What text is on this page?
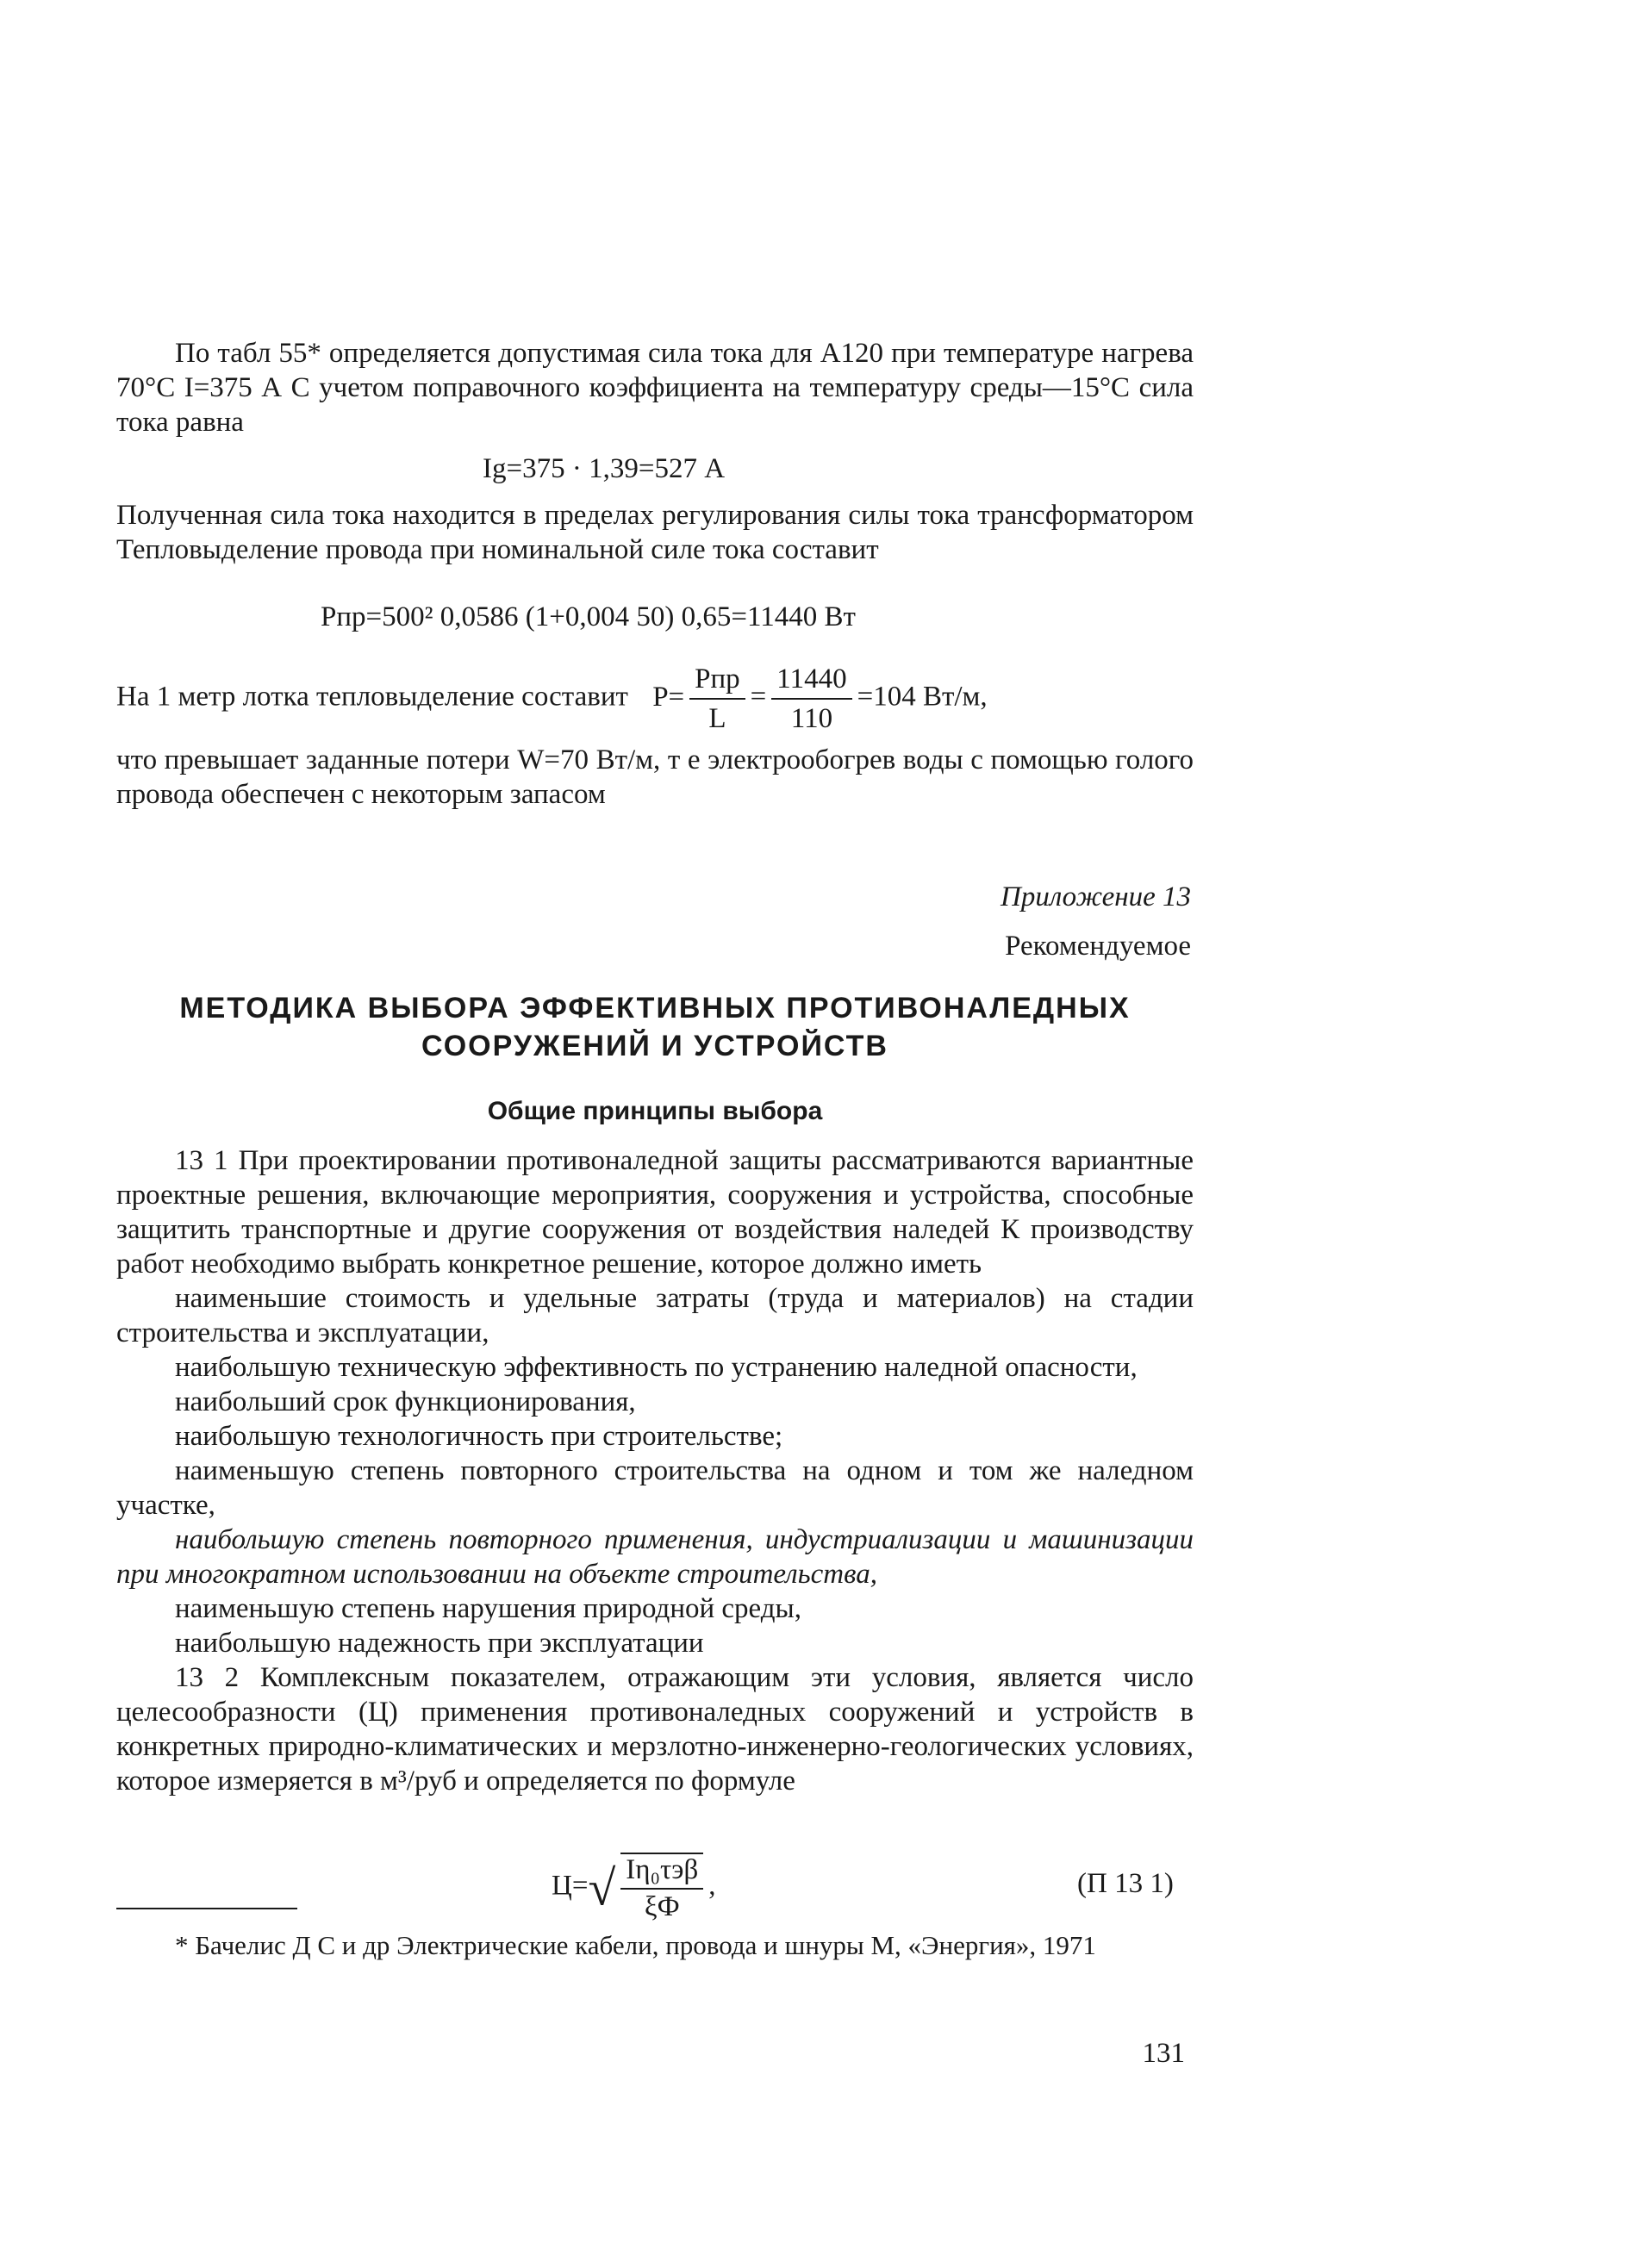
По табл 55* определяется допустимая сила тока для А120 при температуре нагрева 70°С I=375 А С учетом поправочного коэффициента на температуру среды—15°С сила тока равна

Ig=375 · 1,39=527 А

Полученная сила тока находится в пределах регулирования силы тока трансформатором Тепловыделение провода при номинальной силе тока составит

Pпр=500² 0,0586 (1+0,004 50) 0,65=11440 Вт
На 1 метр лотка тепловыделение составит $P= \frac{\text{Pпр}}{L} = \frac{11440}{110} =104$ Вт/м,

что превышает заданные потери W=70 Вт/м, т е электрообогрев воды с помощью голого провода обеспечен с некоторым запасом

Приложение 13
Рекомендуемое
МЕТОДИКА ВЫБОРА ЭФФЕКТИВНЫХ ПРОТИВОНАЛЕДНЫХ
СООРУЖЕНИЙ И УСТРОЙСТВ
Общие принципы выбора

13 1 При проектировании противоналедной защиты рассматриваются вариантные проектные решения, включающие мероприятия, сооружения и устройства, способные защитить транспортные и другие сооружения от воздействия наледей К производству работ необходимо выбрать конкретное решение, которое должно иметь

наименьшие стоимость и удельные затраты (труда и материалов) на стадии строительства и эксплуатации,

наибольшую техническую эффективность по устранению наледной опасности,

наибольший срок функционирования,

наибольшую технологичность при строительстве;

наименьшую степень повторного строительства на одном и том же наледном участке,

наибольшую степень повторного применения, индустриализации и машинизации при многократном использовании на объекте строительства,

наименьшую степень нарушения природной среды,

наибольшую надежность при эксплуатации

13 2 Комплексным показателем, отражающим эти условия, является число целесообразности (Ц) применения противоналедных сооружений и устройств в конкретных природно-климатических и мерзлотно-инженерно-геологических условиях, которое измеряется в м³/руб и определяется по формуле

$Ц=√ \frac{\text{Іη₀τэβ}}{\xi Ф}$ ,	(П 13 1)

* Бачелис Д С и др Электрические кабели, провода и шнуры М, «Энергия», 1971

131
